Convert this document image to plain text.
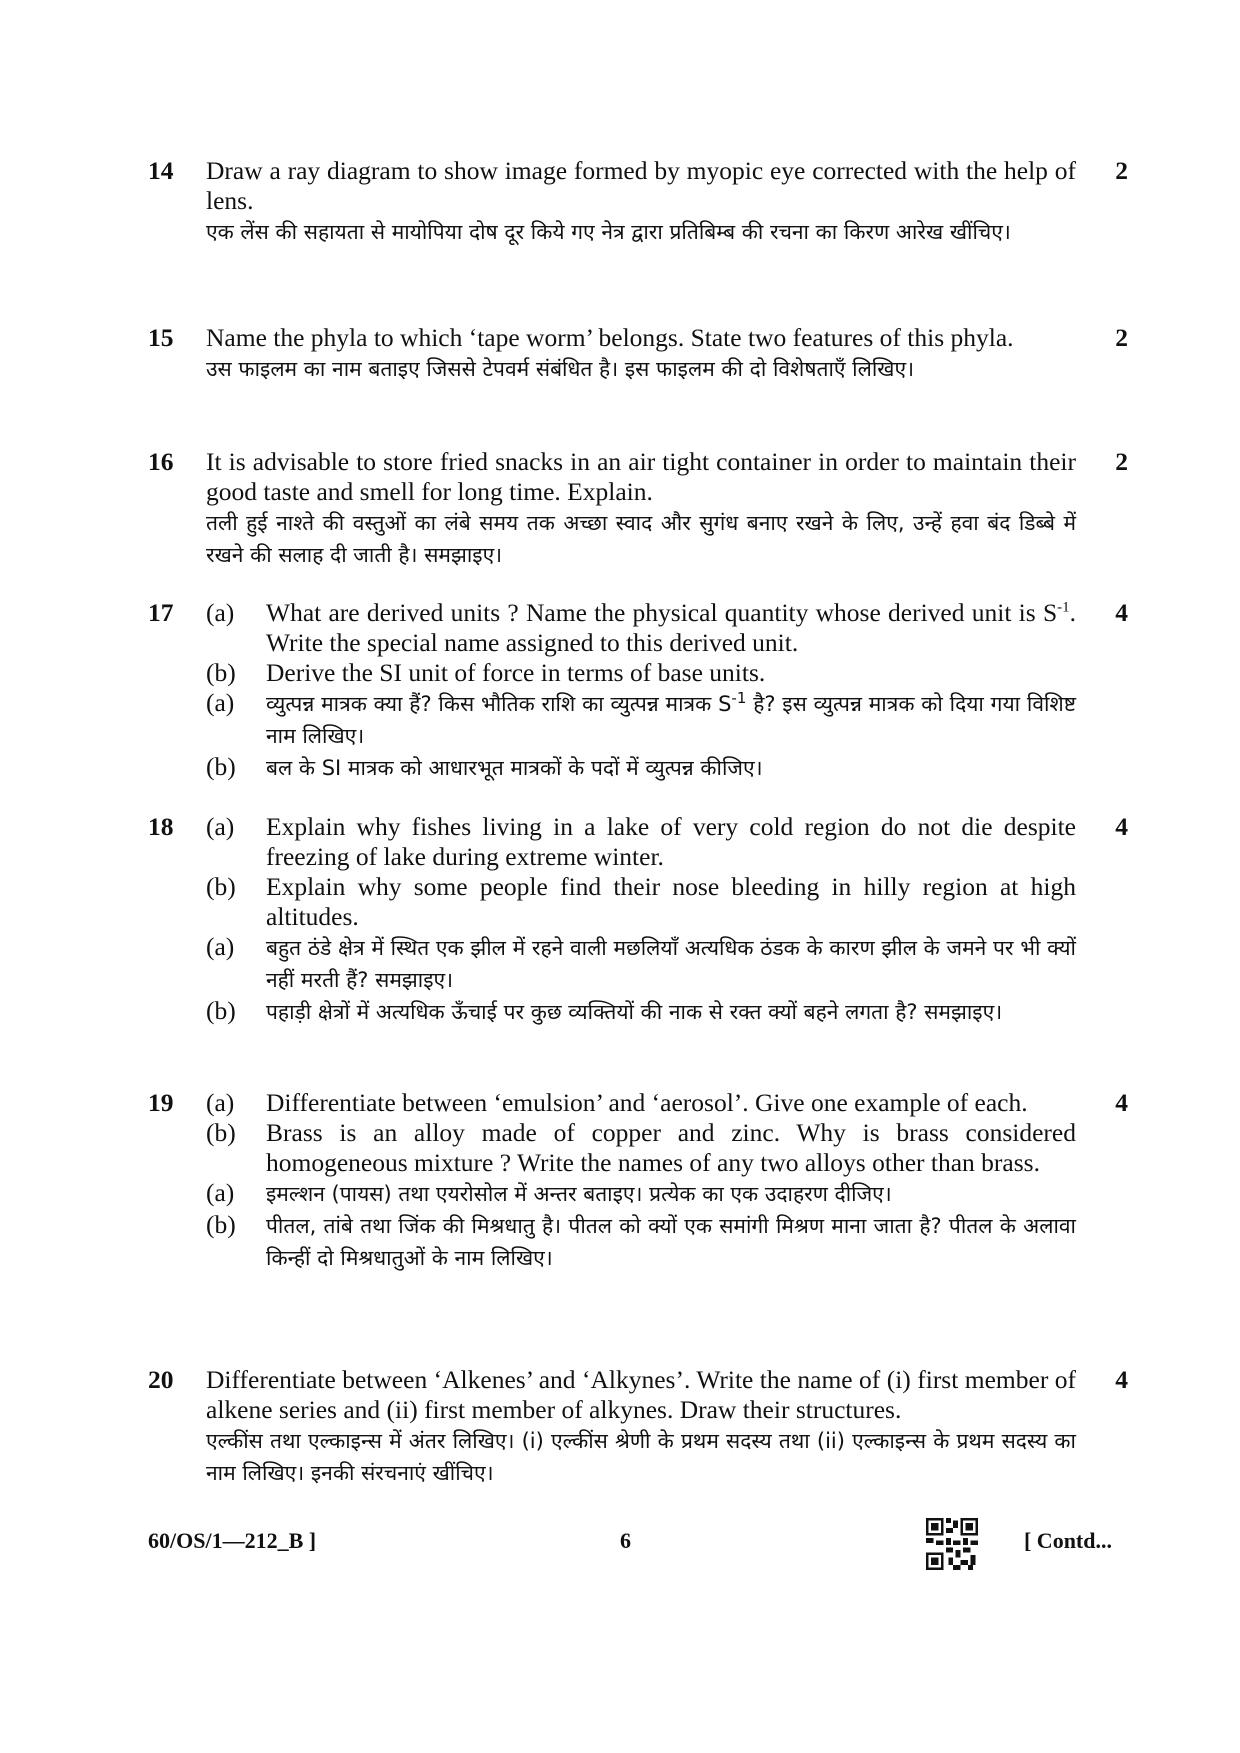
14	2
Draw a ray diagram to show image formed by myopic eye corrected with the help of lens.
एक लेंस की सहायता से मायोपिया दोष दूर किये गए नेत्र द्वारा प्रतिबिम्ब की रचना का किरण आरेख खींचिए।
15	2
Name the phyla to which ‘tape worm’ belongs. State two features of this phyla.
उस फाइलम का नाम बताइए जिससे टेपवर्म संबंधित है। इस फाइलम की दो विशेषताएँ लिखिए।
16	2
It is advisable to store fried snacks in an air tight container in order to maintain their good taste and smell for long time. Explain.
तली हुई नाश्ते की वस्तुओं का लंबे समय तक अच्छा स्वाद और सुगंध बनाए रखने के लिए, उन्हें हवा बंद डिब्बे में रखने की सलाह दी जाती है। समझाइए।
17	4
(a) What are derived units ? Name the physical quantity whose derived unit is $S^{-1}$. Write the special name assigned to this derived unit.
(b) Derive the SI unit of force in terms of base units.
(a) व्युत्पन्न मात्रक क्या हैं? किस भौतिक राशि का व्युत्पन्न मात्रक $S^{-1}$ है? इस व्युत्पन्न मात्रक को दिया गया विशिष्ट नाम लिखिए।
(b) बल के SI मात्रक को आधारभूत मात्रकों के पदों में व्युत्पन्न कीजिए।
18	4
(a) Explain why fishes living in a lake of very cold region do not die despite freezing of lake during extreme winter.
(b) Explain why some people find their nose bleeding in hilly region at high altitudes.
(a) बहुत ठंडे क्षेत्र में स्थित एक झील में रहने वाली मछलियाँ अत्यधिक ठंडक के कारण झील के जमने पर भी क्यों नहीं मरती हैं? समझाइए।
(b) पहाड़ी क्षेत्रों में अत्यधिक ऊँचाई पर कुछ व्यक्तियों की नाक से रक्त क्यों बहने लगता है? समझाइए।
19	4
(a) Differentiate between ‘emulsion’ and ‘aerosol’. Give one example of each.
(b) Brass is an alloy made of copper and zinc. Why is brass considered homogeneous mixture ? Write the names of any two alloys other than brass.
(a) इमल्शन (पायस) तथा एयरोसोल में अन्तर बताइए। प्रत्येक का एक उदाहरण दीजिए।
(b) पीतल, तांबे तथा जिंक की मिश्रधातु है। पीतल को क्यों एक समांगी मिश्रण माना जाता है? पीतल के अलावा किन्हीं दो मिश्रधातुओं के नाम लिखिए।
20	4
Differentiate between ‘Alkenes’ and ‘Alkynes’. Write the name of (i) first member of alkene series and (ii) first member of alkynes. Draw their structures.
एल्कींस तथा एल्काइन्स में अंतर लिखिए। (i) एल्कींस श्रेणी के प्रथम सदस्य तथा (ii) एल्काइन्स के प्रथम सदस्य का नाम लिखिए। इनकी संरचनाएं खींचिए।
60/OS/1—212_B ]	6	[ Contd...
